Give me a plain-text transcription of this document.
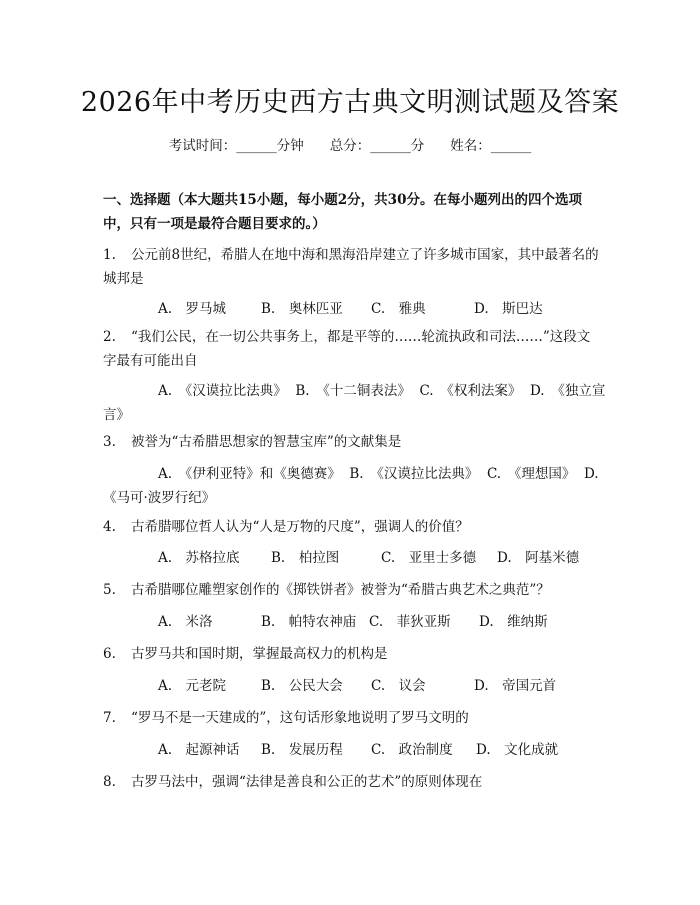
2026年中考历史西方古典文明测试题及答案
考试时间：______分钟 总分：______分 姓名：______
一、选择题（本大题共15小题，每小题2分，共30分。在每小题列出的四个选项中，只有一项是最符合题目要求的。）
1. 公元前8世纪，希腊人在地中海和黑海沿岸建立了许多城市国家，其中最著名的城邦是
A.　罗马城	B.　奥林匹亚 C.　雅典	D.　斯巴达
2. “我们公民，在一切公共事务上，都是平等的……轮流执政和司法……”这段文字最有可能出自
A.　《汉谟拉比法典》 B.　《十二铜表法》 C.　《权利法案》 D.　《独立宣言》
3. 被誉为“古希腊思想家的智慧宝库”的文献集是
A.　《伊利亚特》和《奥德赛》 B.　《汉谟拉比法典》 C.　《理想国》 D.　《马可·波罗行纪》
4. 古希腊哪位哲人认为“人是万物的尺度”，强调人的价值？
A.　苏格拉底 B.　柏拉图	C.　亚里士多德 D.　阿基米德
5. 古希腊哪位雕塑家创作的《掷铁饼者》被誉为“希腊古典艺术之典范”？
A.　米洛	B.　帕特农神庙 C.　菲狄亚斯 D.　维纳斯
6. 古罗马共和国时期，掌握最高权力的机构是
A.　元老院	B.　公民大会 C.　议会	D.　帝国元首
7. “罗马不是一天建成的”，这句话形象地说明了罗马文明的
A.　起源神话 B.　发展历程 C.　政治制度 D.　文化成就
8. 古罗马法中，强调“法律是善良和公正的艺术”的原则体现在
